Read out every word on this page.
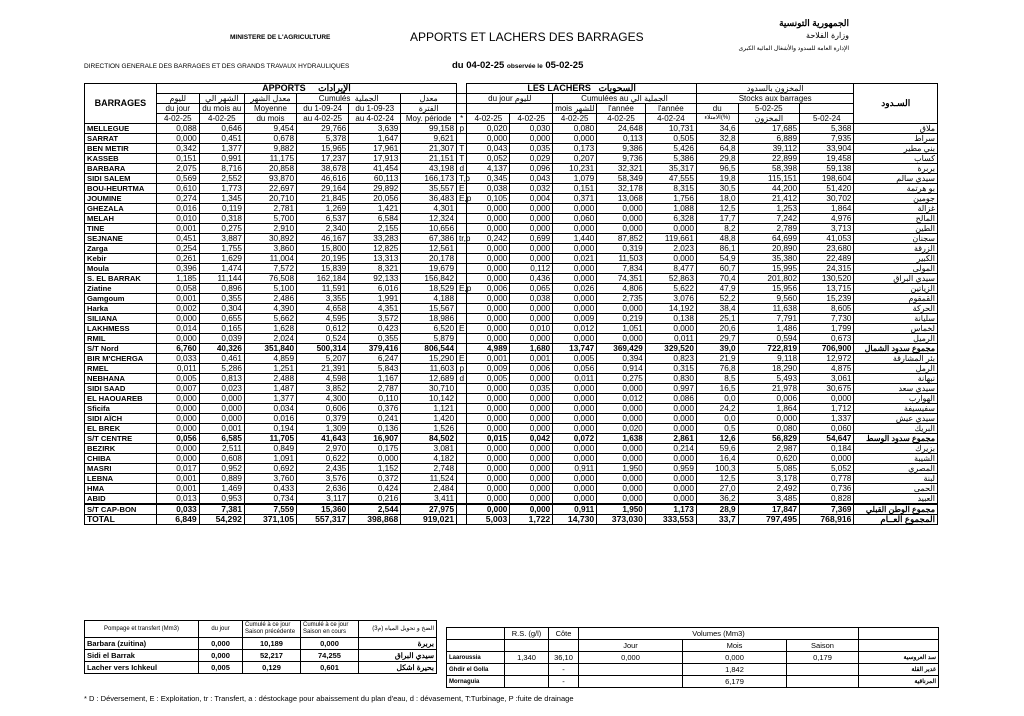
MINISTERE DE L'AGRICULTURE	APPORTS ET LACHERS DES BARRAGES
DIRECTION GENERALE DES BARRAGES ET DES GRANDS TRAVAUX HYDRAULIQUES	du 04-02-25 observée le 05-02-25
الجمهورية التونسية
وزارة الفلاحة
الإدارة العامة للسدود والأشغال المائية الكبرى
BARRAGES	APPORTS الإيرادات							LES LACHERS السحوبات					المخزون بالسدود			السـدود
	لليوم	الشهر الي	معدل الشهر	Cumulés الجملية		معدل		du jour لليوم		Cumulées au الجملية الي			Stocks aux barrages			
	du jour	du mois au	Moyenne	du 1-09-24	du 1-09-23	الفترة				mois للشهر	l'année	l'année	du	5-02-25		
	4-02-25	4-02-25	du mois	au 4-02-25	au 4-02-24	Moy. période	*	4-02-25	4-02-25	4-02-25	4-02-25	4-02-24	الامتلاء(%)	المخزون	5-02-24	
MELLEGUE	0,088	0,646	9,454	29,766	3,639	99,158	p	0,020	0,030	0,080	24,648	10,731	34,6	17,685	5,368	ملاق
SARRAT	0,000	0,451	0,678	5,378	1,647	9,621		0,000	0,000	0,000	0,113	0,505	32,8	6,889	7,935	سراط
BEN METIR	0,342	1,377	9,882	15,965	17,961	21,307	T	0,043	0,035	0,173	9,386	5,426	64,8	39,112	33,904	بني مطير
KASSEB	0,151	0,991	11,175	17,237	17,913	21,151	T	0,052	0,029	0,207	9,736	5,386	29,8	22,899	19,458	كساب
BARBARA	2,075	8,716	20,858	38,678	41,454	43,198	d	4,137	0,096	10,231	32,321	35,317	96,5	58,398	59,138	بربرة
SIDI SALEM	0,569	2,552	93,870	46,616	60,113	166,173	T,p	0,345	0,043	1,079	58,349	47,555	19,8	115,151	198,604	سيدي سالم
BOU-HEURTMA	0,610	1,773	22,697	29,164	29,892	35,557	E	0,038	0,032	0,151	32,178	8,315	30,5	44,200	51,420	بو هرتمة
JOUMINE	0,274	1,345	20,710	21,845	20,056	36,483	E,p	0,105	0,004	0,371	13,068	1,756	18,0	21,412	30,702	جومين
GHEZALA	0,016	0,119	2,781	1,269	1,421	4,301		0,000	0,000	0,000	0,000	1,088	12,5	1,253	1,864	غزالة
MELAH	0,010	0,318	5,700	6,537	6,584	12,324		0,000	0,000	0,060	0,000	6,328	17,7	7,242	4,976	المالح
TINE	0,001	0,275	2,910	2,340	2,155	10,656		0,000	0,000	0,000	0,000	0,000	8,2	2,789	3,713	الطين
SEJNANE	0,451	3,887	30,892	46,167	33,283	67,386	tr,p	0,242	0,699	1,440	87,852	119,661	48,8	64,699	41,053	سجنان
Zarga	0,254	1,755	3,860	15,800	12,825	12,561		0,000	0,000	0,000	0,319	2,023	86,1	20,890	23,680	الزرقة
Kebir	0,261	1,629	11,004	20,195	13,313	20,178		0,000	0,000	0,021	11,503	0,000	54,9	35,380	22,489	الكبير
Moula	0,396	1,474	7,572	15,839	8,321	19,679		0,000	0,112	0,000	7,834	8,477	60,7	15,995	24,315	المولى
S. EL BARRAK	1,185	11,144	76,508	162,184	92,133	156,842		0,000	0,436	0,000	74,351	52,863	70,4	201,802	130,520	سيدي البراق
Ziatine	0,058	0,896	5,100	11,591	6,016	18,529	E,p	0,006	0,065	0,026	4,806	5,622	47,9	15,956	13,715	الزياتين
Gamgoum	0,001	0,355	2,486	3,355	1,991	4,188		0,000	0,038	0,000	2,735	3,076	52,2	9,560	15,239	القمقوم
Harka	0,002	0,304	4,390	4,658	4,351	15,567		0,000	0,000	0,000	0,000	14,192	38,4	11,638	8,605	الحركة
SILIANA	0,000	0,655	5,662	4,595	3,572	18,986		0,000	0,000	0,009	0,219	0,138	25,1	7,791	7,730	سليانة
LAKHMESS	0,014	0,165	1,628	0,612	0,423	6,520	E	0,000	0,010	0,012	1,051	0,000	20,6	1,486	1,799	لخماس
RMIL	0,000	0,039	2,024	0,524	0,355	5,879		0,000	0,000	0,000	0,000	0,011	29,7	0,594	0,673	الرميل
S/T Nord	6,760	40,326	351,840	500,314	379,416	806,544		4,989	1,680	13,747	369,429	329,520	39,0	722,819	706,900	مجموع سدود الشمال
BIR M'CHERGA	0,033	0,461	4,859	5,207	6,247	15,290	E	0,001	0,001	0,005	0,394	0,823	21,9	9,118	12,972	بئر المشارقة
RMEL	0,011	5,286	1,251	21,391	5,843	11,603	p	0,009	0,006	0,056	0,914	0,315	76,8	18,290	4,875	الرمل
NEBHANA	0,005	0,813	2,488	4,598	1,167	12,689	d	0,005	0,000	0,011	0,275	0,830	8,5	5,493	3,061	نبهانة
SIDI SAAD	0,007	0,023	1,487	3,852	2,787	30,710		0,000	0,035	0,000	0,000	0,997	16,5	21,978	30,675	سيدي سعد
EL HAOUAREB	0,000	0,000	1,377	4,300	0,110	10,142		0,000	0,000	0,000	0,012	0,086	0,0	0,006	0,000	الهوارب
Sficifa	0,000	0,000	0,034	0,606	0,376	1,121		0,000	0,000	0,000	0,000	0,000	24,2	1,864	1,712	سفيسيفة
SIDI AÏCH	0,000	0,000	0,016	0,379	0,241	1,420		0,000	0,000	0,000	0,000	0,000	0,0	0,000	1,337	سيدي عيش
EL BREK	0,000	0,001	0,194	1,309	0,136	1,526		0,000	0,000	0,000	0,020	0,000	0,5	0,080	0,060	البريك
S/T CENTRE	0,056	6,585	11,705	41,643	16,907	84,502		0,015	0,042	0,072	1,638	2,861	12,6	56,829	54,647	مجموع سدود الوسط
BEZIRK	0,000	2,511	0,849	2,970	0,175	3,081		0,000	0,000	0,000	0,000	0,214	59,6	2,987	0,184	بزيرك
CHIBA	0,000	0,608	1,091	0,622	0,000	4,182		0,000	0,000	0,000	0,000	0,000	16,4	0,620	0,000	الشيبة
MASRI	0,017	0,952	0,692	2,435	1,152	2,748		0,000	0,000	0,911	1,950	0,959	100,3	5,085	5,052	المصري
LEBNA	0,001	0,889	3,760	3,576	0,372	11,524		0,000	0,000	0,000	0,000	0,000	12,5	3,178	0,778	لبنة
HMA	0,001	1,469	0,433	2,636	0,424	2,484		0,000	0,000	0,000	0,000	0,000	27,0	2,492	0,736	الحمى
ABID	0,013	0,953	0,734	3,117	0,216	3,411		0,000	0,000	0,000	0,000	0,000	36,2	3,485	0,828	العبيد
S/T CAP-BON	0,033	7,381	7,559	15,360	2,544	27,975		0,000	0,000	0,911	1,950	1,173	28,9	17,847	7,369	مجموع الوطن القبلي
TOTAL	6,849	54,292	371,105	557,317	398,868	919,021		5,003	1,722	14,730	373,030	333,553	33,7	797,495	768,916	المجموع العــام
Pompage et transfert (Mm3)	du jour	Cumulé à ce jour Saison précédente	Cumulé à ce jour Saison en cours	الضخ و تحويل المياه (م3)
Barbara (zuitina)	0,000	10,189	0,000	بربرة
Sidi el Barrak	0,000	52,217	74,255	سيدي البراق
Lacher vers Ichkeul	0,005	0,129	0,601	بحيرة اشكل
	R.S. (g/l)	Côte	Volumes (Mm3)			
			Jour	Mois	Saison	
Laaroussia	1,340	36,10	0,000	0,000	0,179	سد العروسية
Ghdir el Golla		-		1,842		غدير القلة
Mornaguia		-		6,179		المرناقية
* D : Déversement, E : Exploitation, tr : Transfert, a : déstockage pour abaissement du plan d'eau, d : dévasement, T:Turbinage, P :fuite de drainage
